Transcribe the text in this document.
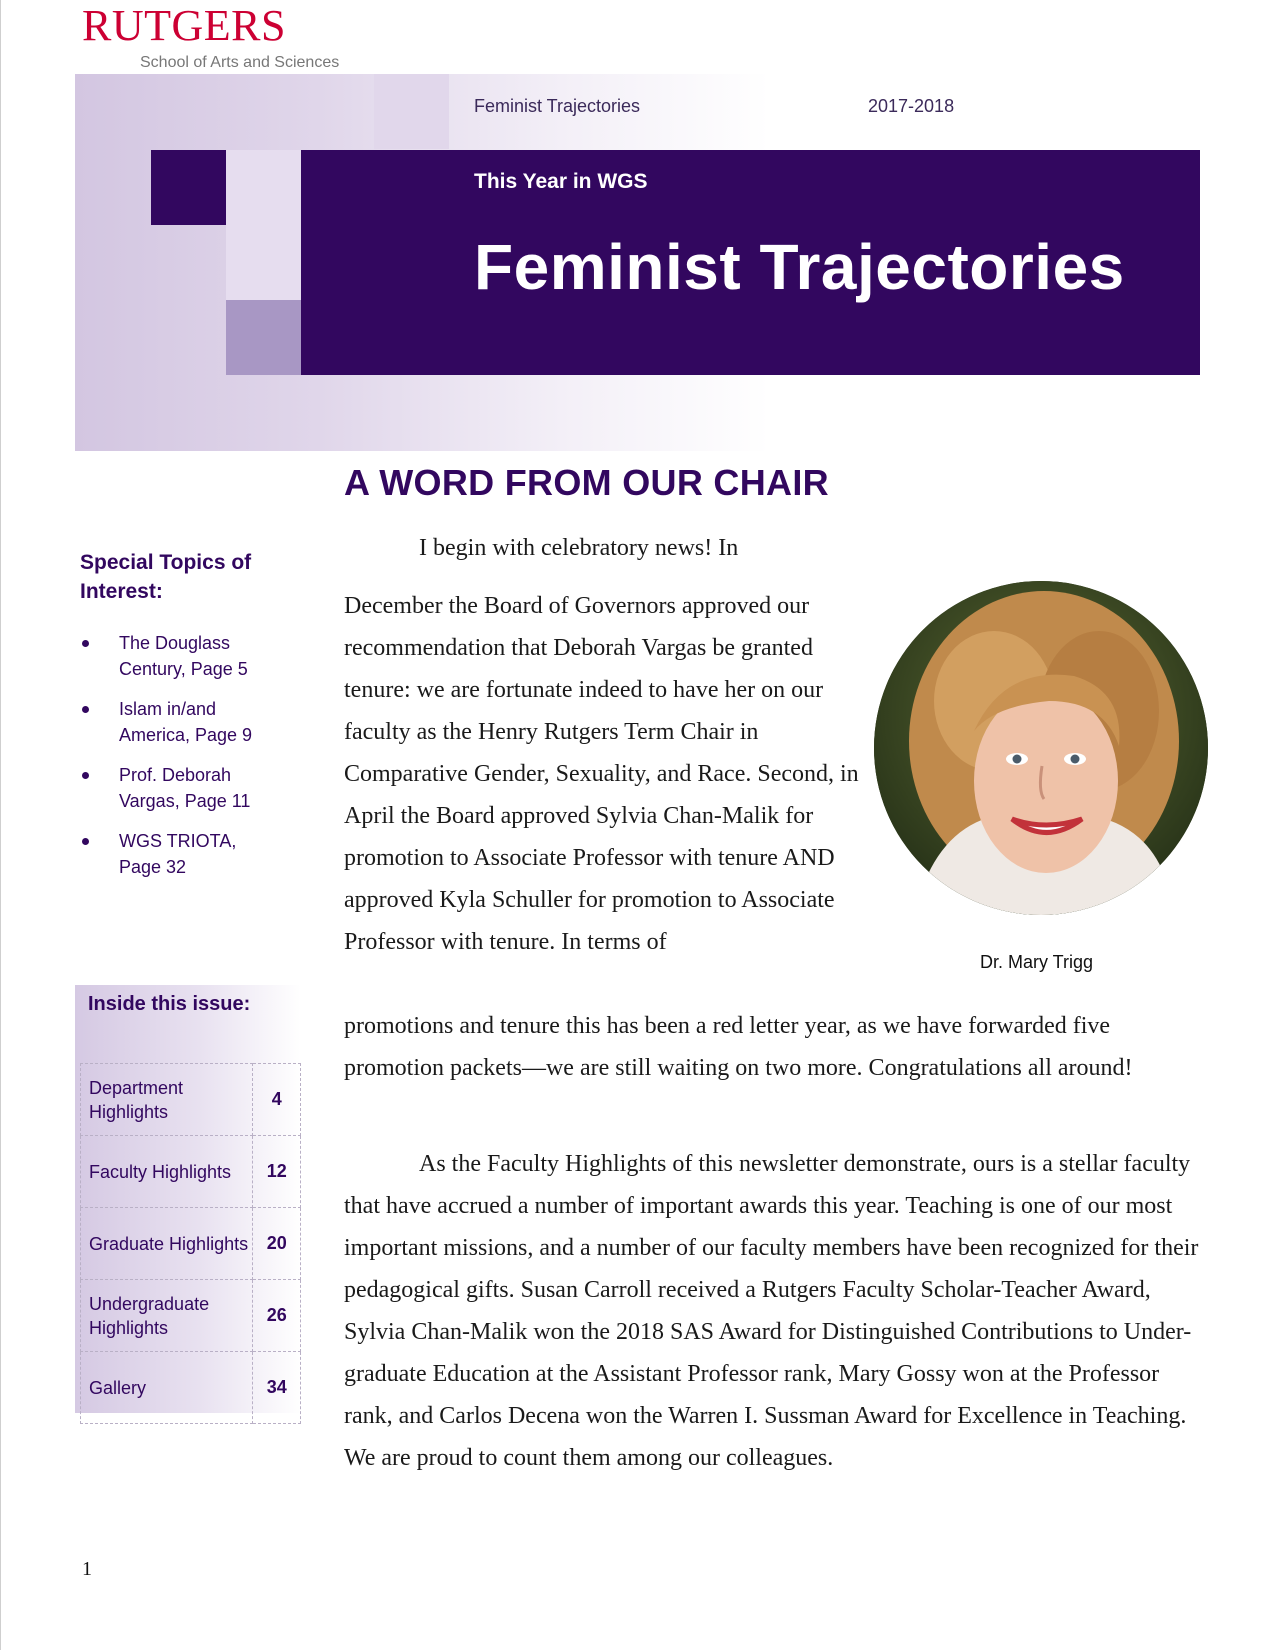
RUTGERS
School of Arts and Sciences
Feminist Trajectories	2017-2018
This Year in WGS
Feminist Trajectories
A WORD FROM OUR CHAIR
Special Topics of Interest:
The Douglass Century, Page 5
Islam in/and America, Page 9
Prof. Deborah Vargas, Page 11
WGS TRIOTA, Page 32
Inside this issue:
Department Highlights	4
Faculty Highlights	12
Graduate Highlights	20
Undergraduate Highlights	26
Gallery	34
I begin with celebratory news! In
December the Board of Governors approved our recommendation that Deborah Vargas be granted tenure: we are fortunate indeed to have her on our faculty as the Henry Rutgers Term Chair in Comparative Gender, Sexuality, and Race. Second, in April the Board approved Sylvia Chan-Malik for promotion to Associate Professor with tenure AND approved Kyla Schuller for promotion to Associate Professor with tenure. In terms of
promotions and tenure this has been a red letter year, as we have forwarded five promotion packets—we are still waiting on two more. Congratulations all around!
As the Faculty Highlights of this newsletter demonstrate, ours is a stellar faculty that have accrued a number of important awards this year. Teaching is one of our most important missions, and a number of our faculty members have been recognized for their pedagogical gifts. Susan Carroll received a Rutgers Faculty Scholar-Teacher Award, Sylvia Chan-Malik won the 2018 SAS Award for Distinguished Contributions to Under-graduate Education at the Assistant Professor rank, Mary Gossy won at the Professor rank, and Carlos Decena won the Warren I. Sussman Award for Excellence in Teaching. We are proud to count them among our colleagues.
Dr. Mary Trigg
1
